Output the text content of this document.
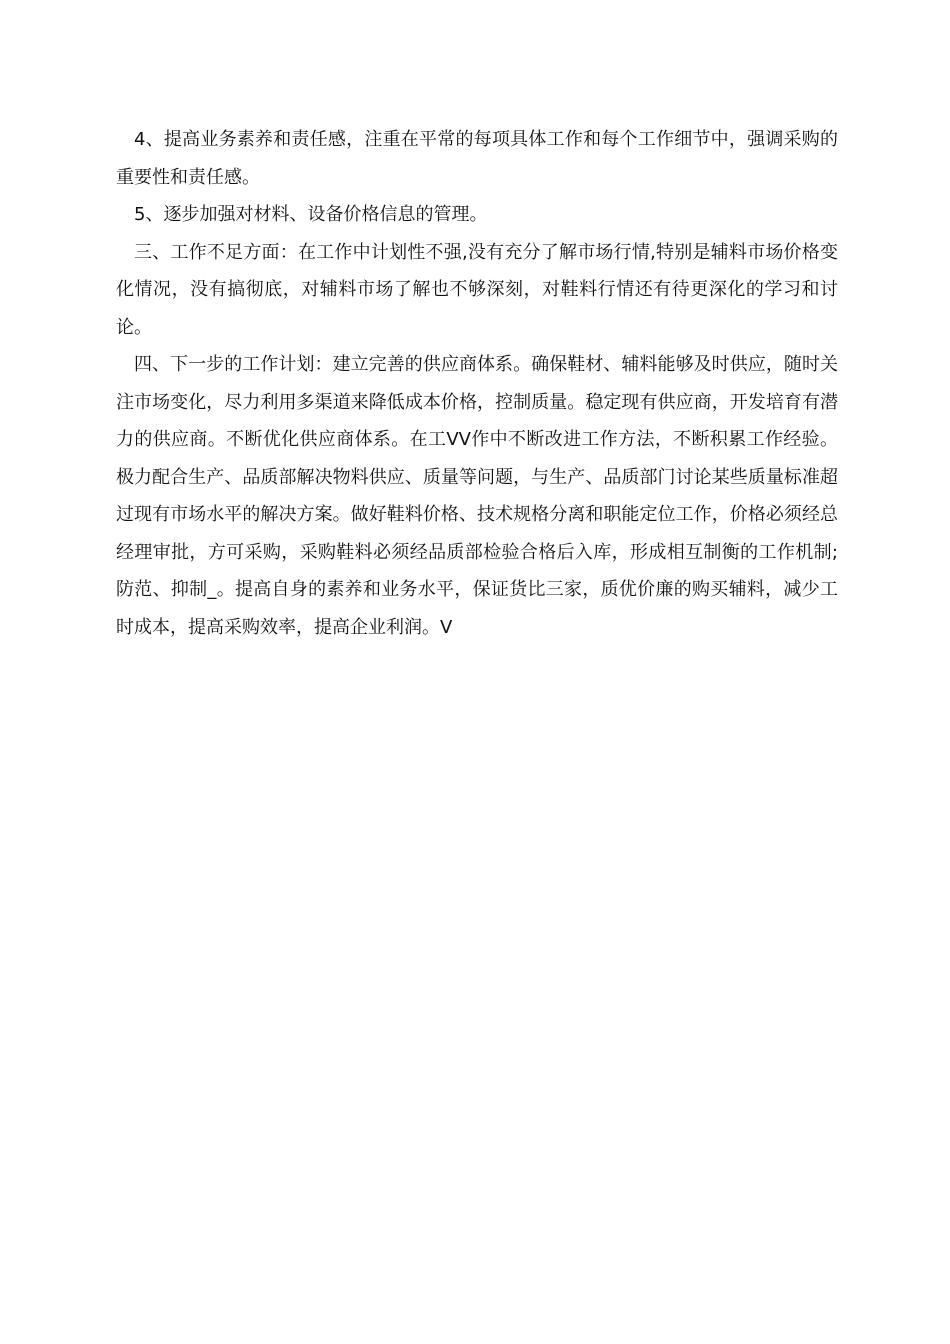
4、提高业务素养和责任感，注重在平常的每项具体工作和每个工作细节中，强调采购的重要性和责任感。

5、逐步加强对材料、设备价格信息的管理。

三、工作不足方面：在工作中计划性不强,没有充分了解市场行情,特别是辅料市场价格变化情况，没有搞彻底，对辅料市场了解也不够深刻，对鞋料行情还有待更深化的学习和讨论。

四、下一步的工作计划：建立完善的供应商体系。确保鞋材、辅料能够及时供应，随时关注市场变化，尽力利用多渠道来降低成本价格，控制质量。稳定现有供应商，开发培育有潜力的供应商。不断优化供应商体系。在工VV作中不断改进工作方法，不断积累工作经验。极力配合生产、品质部解决物料供应、质量等问题，与生产、品质部门讨论某些质量标准超过现有市场水平的解决方案。做好鞋料价格、技术规格分离和职能定位工作，价格必须经总经理审批，方可采购，采购鞋料必须经品质部检验合格后入库，形成相互制衡的工作机制;防范、抑制_。提高自身的素养和业务水平，保证货比三家，质优价廉的购买辅料，减少工时成本，提高采购效率，提高企业利润。V
